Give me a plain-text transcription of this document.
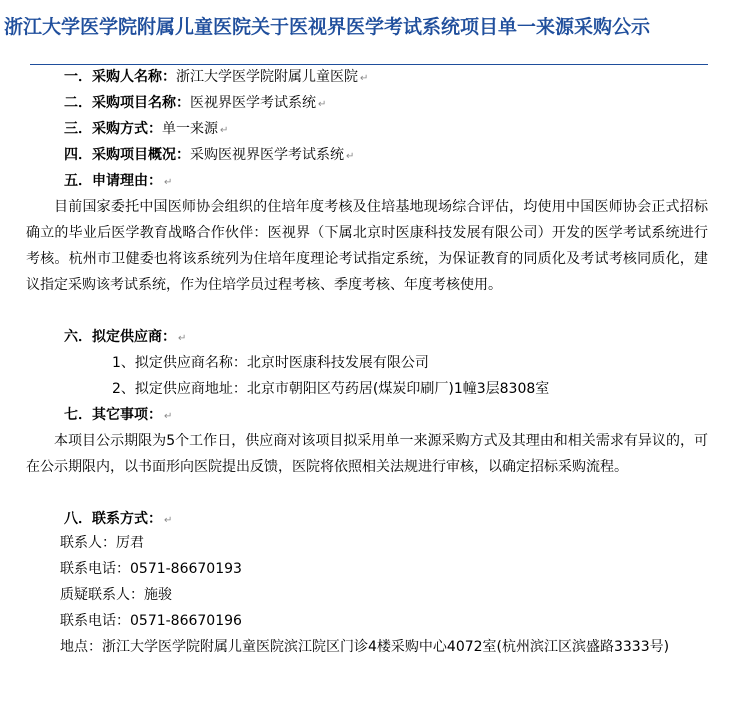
浙江大学医学院附属儿童医院关于医视界医学考试系统项目单一来源采购公示
一．采购人名称：浙江大学医学院附属儿童医院 ↵
二．采购项目名称：医视界医学考试系统 ↵
三．采购方式：单一来源 ↵
四．采购项目概况：采购医视界医学考试系统 ↵
五．申请理由： ↵
目前国家委托中国医师协会组织的住培年度考核及住培基地现场综合评估，均使用中国医师协会正式招标确立的毕业后医学教育战略合作伙伴：医视界（下属北京时医康科技发展有限公司）开发的医学考试系统进行考核。杭州市卫健委也将该系统列为住培年度理论考试指定系统，为保证教育的同质化及考试考核同质化，建议指定采购该考试系统，作为住培学员过程考核、季度考核、年度考核使用。
六．拟定供应商： ↵
1、拟定供应商名称：北京时医康科技发展有限公司
2、拟定供应商地址：北京市朝阳区芍药居(煤炭印刷厂)1幢3层8308室
七．其它事项： ↵
本项目公示期限为5个工作日，供应商对该项目拟采用单一来源采购方式及其理由和相关需求有异议的，可在公示期限内，以书面形向医院提出反馈，医院将依照相关法规进行审核，以确定招标采购流程。
八．联系方式： ↵
联系人：厉君
联系电话：0571-86670193
质疑联系人：施骏
联系电话：0571-86670196
地点：浙江大学医学院附属儿童医院滨江院区门诊4楼采购中心4072室(杭州滨江区滨盛路3333号)
